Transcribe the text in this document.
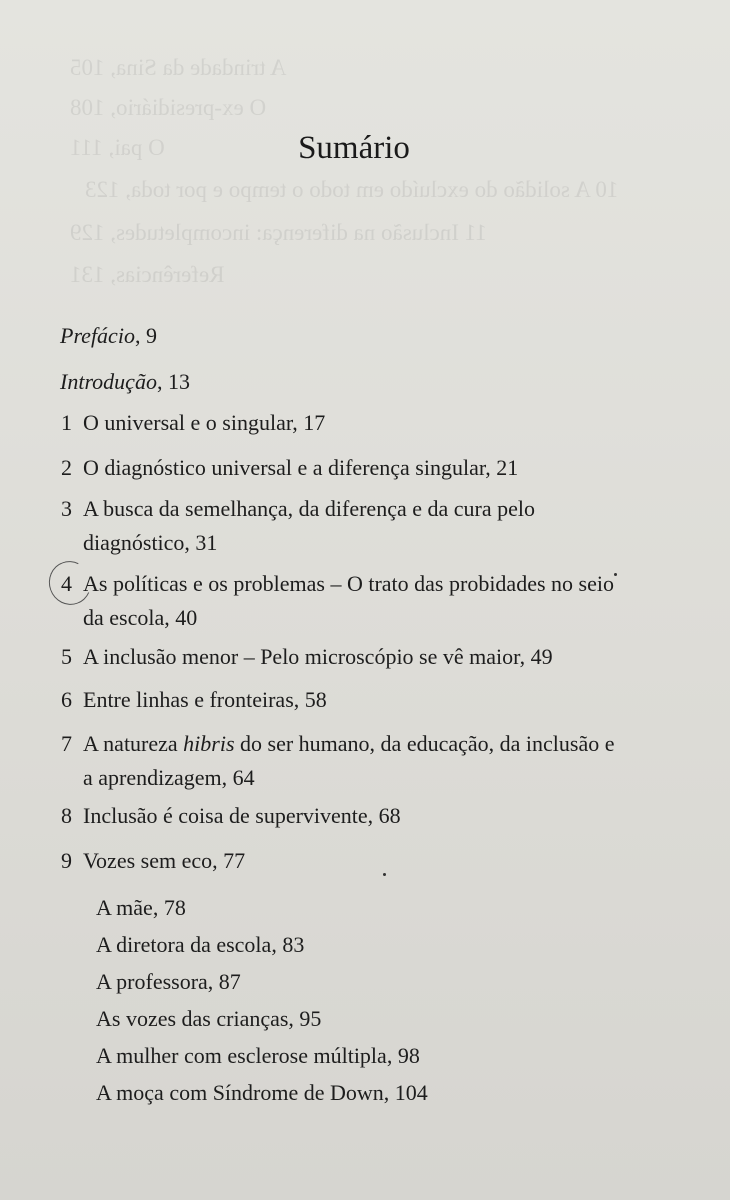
A trindade da Sina, 105
O ex-presidiário, 108
O pai, 111
10 A solidão do excluído em todo o tempo e por toda, 123
11 Inclusão na diferença: incompletudes, 129
Referências, 131
Sumário
Prefácio, 9
Introdução, 13
1 O universal e o singular, 17
2 O diagnóstico universal e a diferença singular, 21
3 A busca da semelhança, da diferença e da cura pelo
diagnóstico, 31
4 As políticas e os problemas – O trato das probidades no seio
da escola, 40
5 A inclusão menor – Pelo microscópio se vê maior, 49
6 Entre linhas e fronteiras, 58
7 A natureza hibris do ser humano, da educação, da inclusão e
a aprendizagem, 64
8 Inclusão é coisa de supervivente, 68
9 Vozes sem eco, 77
A mãe, 78
A diretora da escola, 83
A professora, 87
As vozes das crianças, 95
A mulher com esclerose múltipla, 98
A moça com Síndrome de Down, 104
